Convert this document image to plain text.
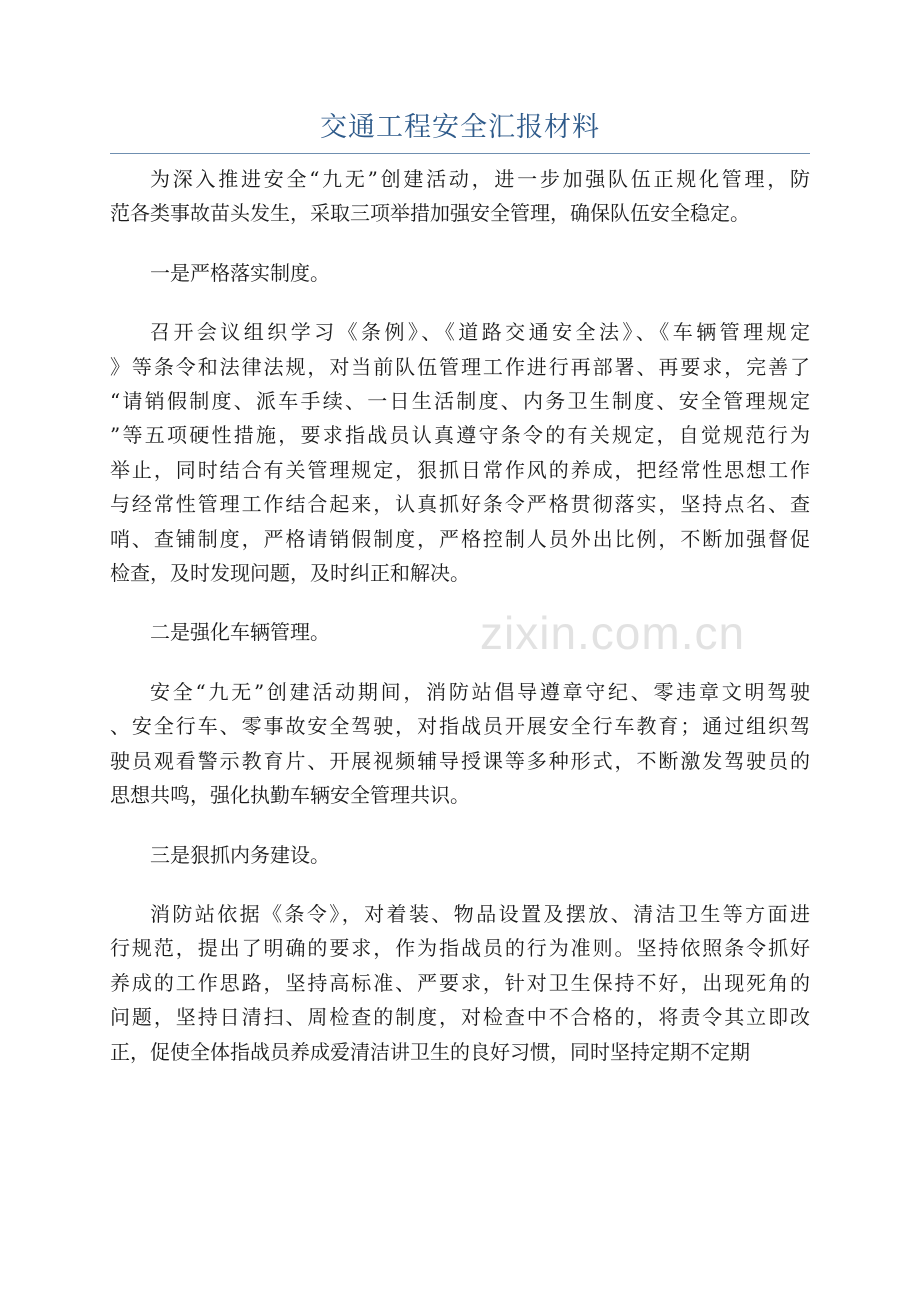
交通工程安全汇报材料
zixin.com.cn
为深入推进安全“九无”创建活动，进一步加强队伍正规化管理，防
范各类事故苗头发生，采取三项举措加强安全管理，确保队伍安全稳定。
一是严格落实制度。
召开会议组织学习《条例》、《道路交通安全法》、《车辆管理规定
》等条令和法律法规，对当前队伍管理工作进行再部署、再要求，完善了
“请销假制度、派车手续、一日生活制度、内务卫生制度、安全管理规定
”等五项硬性措施，要求指战员认真遵守条令的有关规定，自觉规范行为
举止，同时结合有关管理规定，狠抓日常作风的养成，把经常性思想工作
与经常性管理工作结合起来，认真抓好条令严格贯彻落实，坚持点名、查
哨、查铺制度，严格请销假制度，严格控制人员外出比例，不断加强督促
检查，及时发现问题，及时纠正和解决。
二是强化车辆管理。
安全“九无”创建活动期间，消防站倡导遵章守纪、零违章文明驾驶
、安全行车、零事故安全驾驶，对指战员开展安全行车教育；通过组织驾
驶员观看警示教育片、开展视频辅导授课等多种形式，不断激发驾驶员的
思想共鸣，强化执勤车辆安全管理共识。
三是狠抓内务建设。
消防站依据《条令》，对着装、物品设置及摆放、清洁卫生等方面进
行规范，提出了明确的要求，作为指战员的行为准则。坚持依照条令抓好
养成的工作思路，坚持高标准、严要求，针对卫生保持不好，出现死角的
问题，坚持日清扫、周检查的制度，对检查中不合格的，将责令其立即改
正，促使全体指战员养成爱清洁讲卫生的良好习惯，同时坚持定期不定期
